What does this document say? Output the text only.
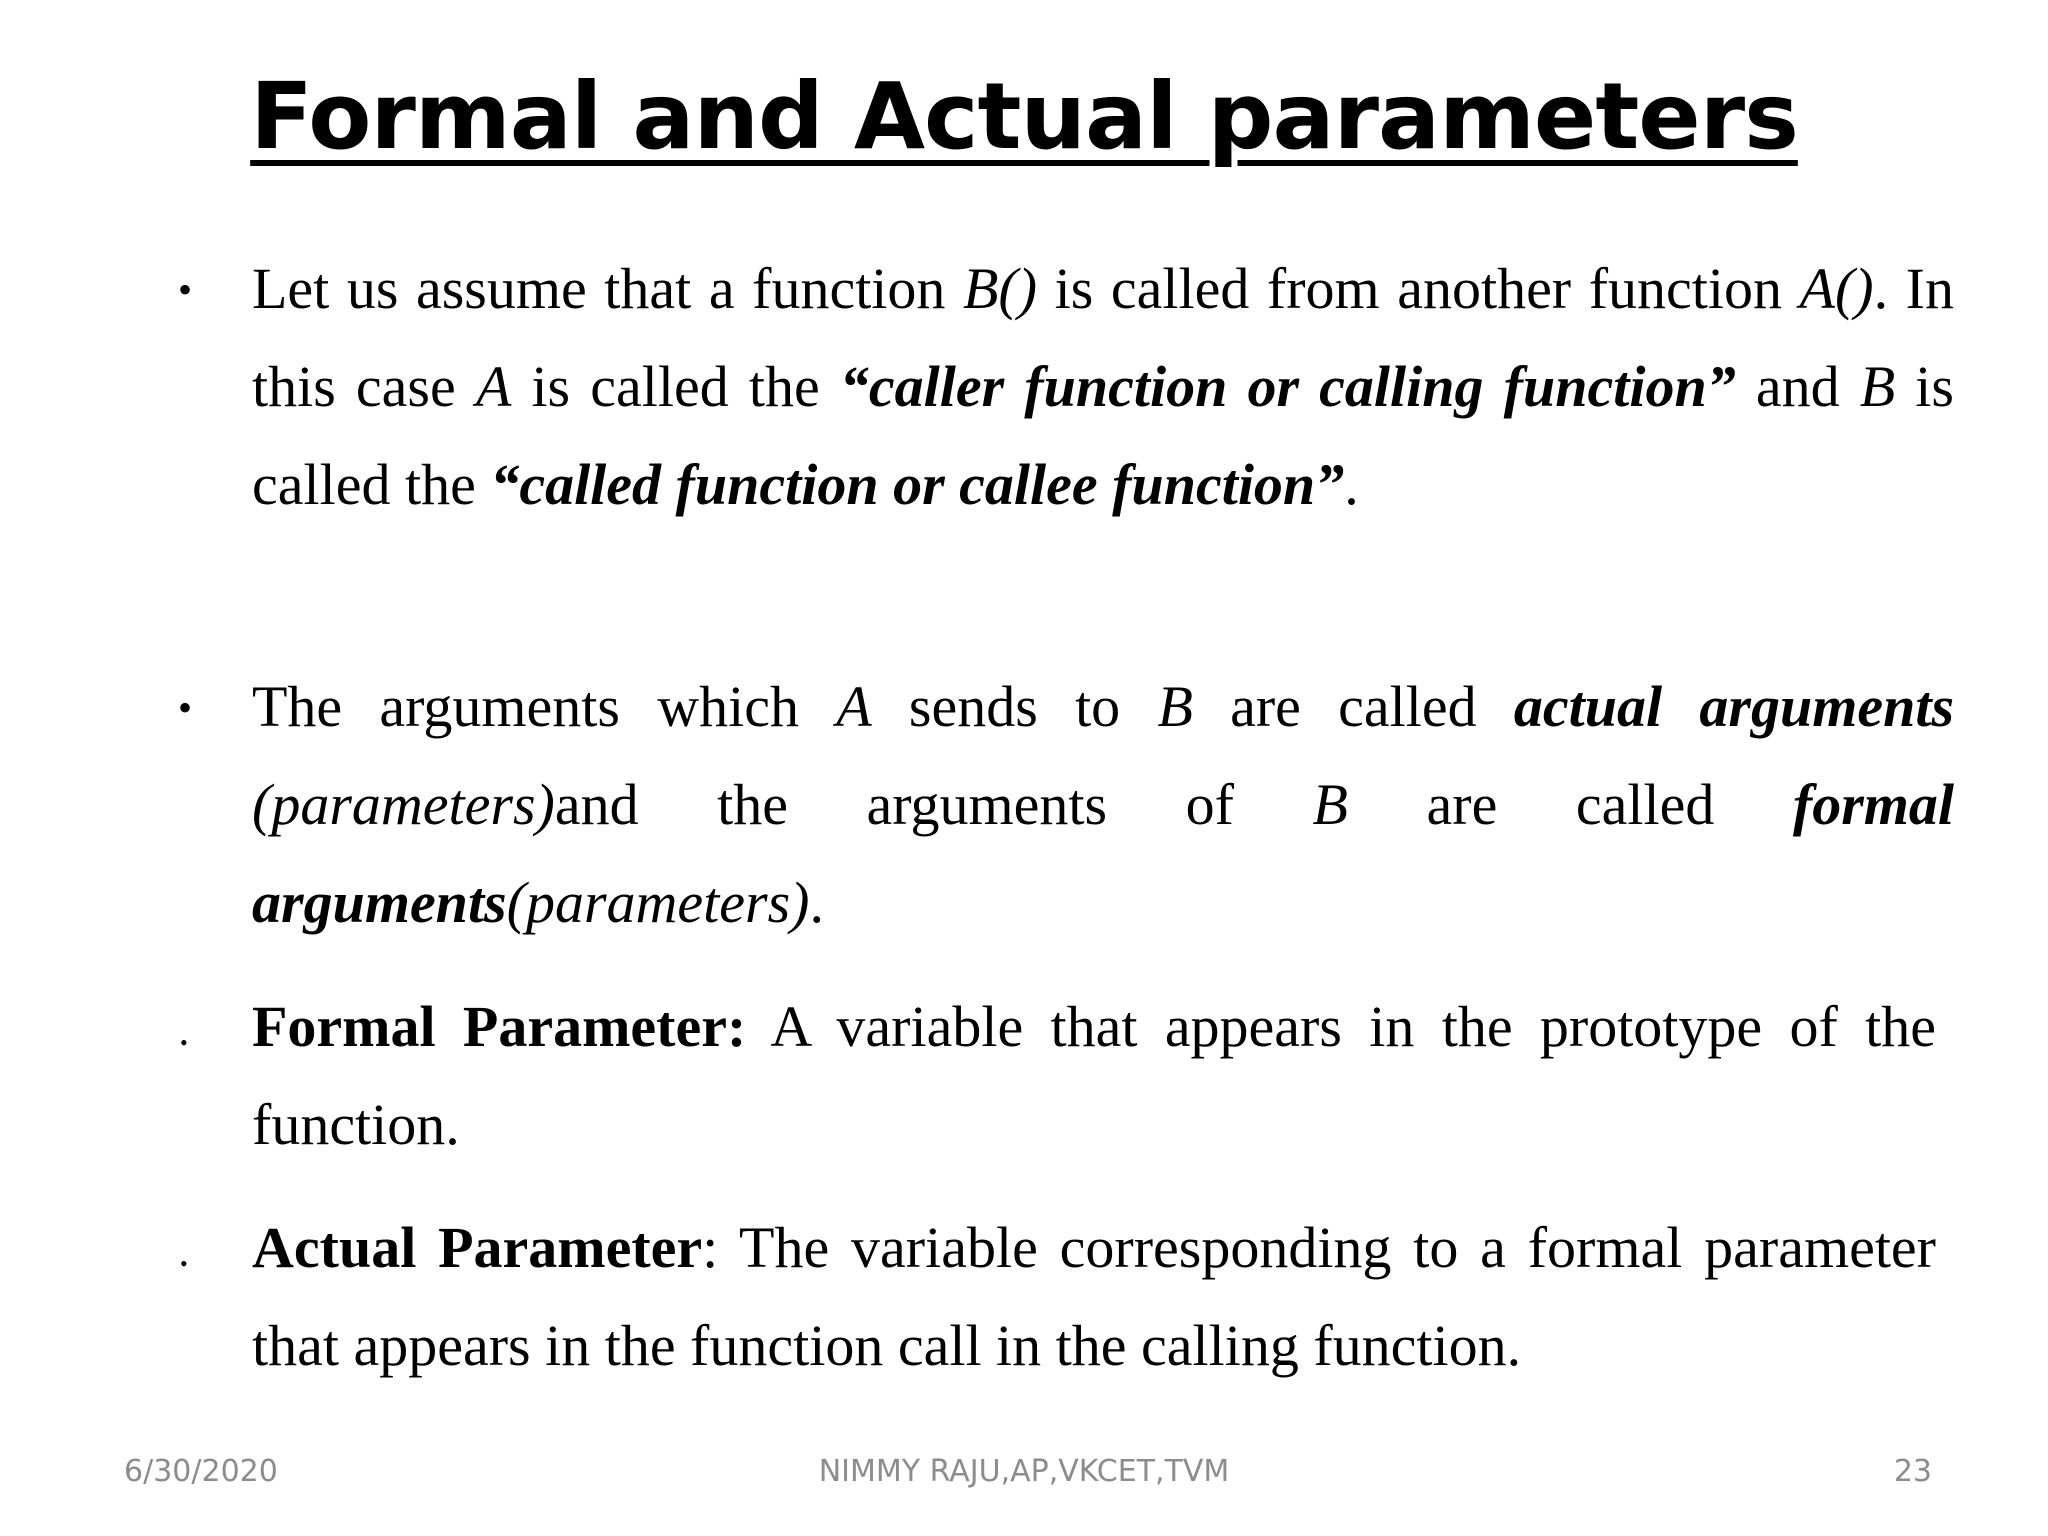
Formal and Actual parameters
• Let us assume that a function B() is called from another function A(). In this case A is called the “caller function or calling function” and B is called the “called function or callee function”.
• The arguments which A sends to B are called actual arguments (parameters)and the arguments of B are called formal arguments(parameters).
• Formal Parameter: A variable that appears in the prototype of the function.
• Actual Parameter: The variable corresponding to a formal parameter that appears in the function call in the calling function.
6/30/2020	NIMMY RAJU,AP,VKCET,TVM	23
